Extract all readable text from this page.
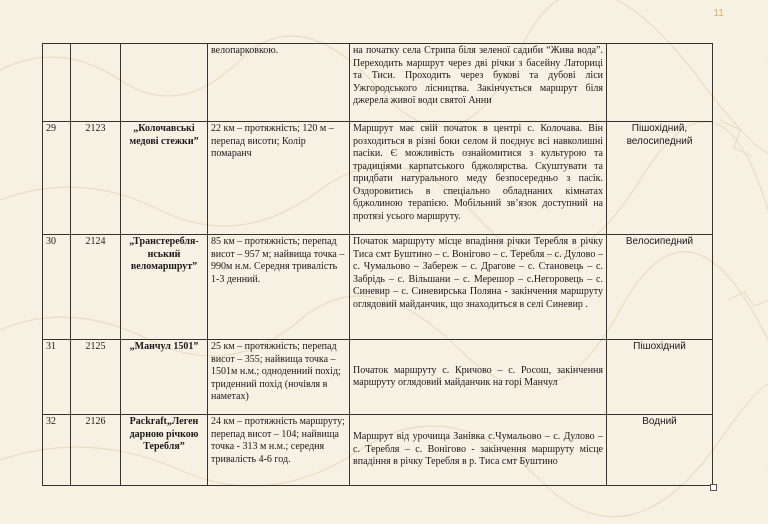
11
			велопарковкою.	на початку села Стрипа біля зеленої садиби “Жива вода”. Переходить маршрут через дві річки з басейну Латориці та Тиси. Проходить через букові та дубові ліси Ужгородського лісництва. Закінчується маршрут біля джерела живої води святої Анни	
29	2123	„Колочавські медові стежки”	22 км – протяжність; 120 м – перепад висоти; Колір помаранч	Маршрут має свій початок в центрі с. Колочава. Він розходиться в різні боки селом й поєднує всі навколишні пасіки. Є можливість ознайомитися з культурою та традиціями карпатського бджолярства. Скуштувати та придбати натурального меду безпосередньо з пасік. Оздоровитись в спеціально обладнаних кімнатах бджолиною терапією. Мобільний зв’язок доступний на протязі усього маршруту.	Пішохідний, велосипедний
30	2124	„Транстереблянський веломаршрут”	85 км – протяжність; перепад висот – 957 м; найвища точка – 990м н.м. Середня тривалість 1-3 денний.	Початок маршруту місце впадіння річки Теребля в річку Тиса смт Буштино – с. Вонігово – с. Теребля – с. Дулово – с. Чумальово – Забереж – с. Драгове – с. Становець – с. Забрідь – с. Вільшани – с. Мерешор – с.Негоровець – с. Синевир – с. Синевирська Поляна - закінчення маршруту оглядовий майданчик, що знаходиться в селі Синевир .	Велосипедний
31	2125	„Манчул 1501”	25 км – протяжність; перепад висот – 355; найвища точка – 1501м н.м.; одноденний похід; триденний похід (ночівля в наметах)	Початок маршруту с. Кричово – с. Росош, закінчення маршруту оглядовий майданчик на горі Манчул	Пішохідний
32	2126	Packraft„Леген дарною річкою Теребля”	24 км – протяжність маршруту; перепад висот – 104; найвища точка - 313 м н.м.; середня тривалість 4-6 год.	Маршрут від урочища Занівка с.Чумальово – с. Дулово – с. Теребля – с. Вонігово - закінчення маршруту місце впадіння в річку Теребля в р. Тиса смт Буштино	Водний
